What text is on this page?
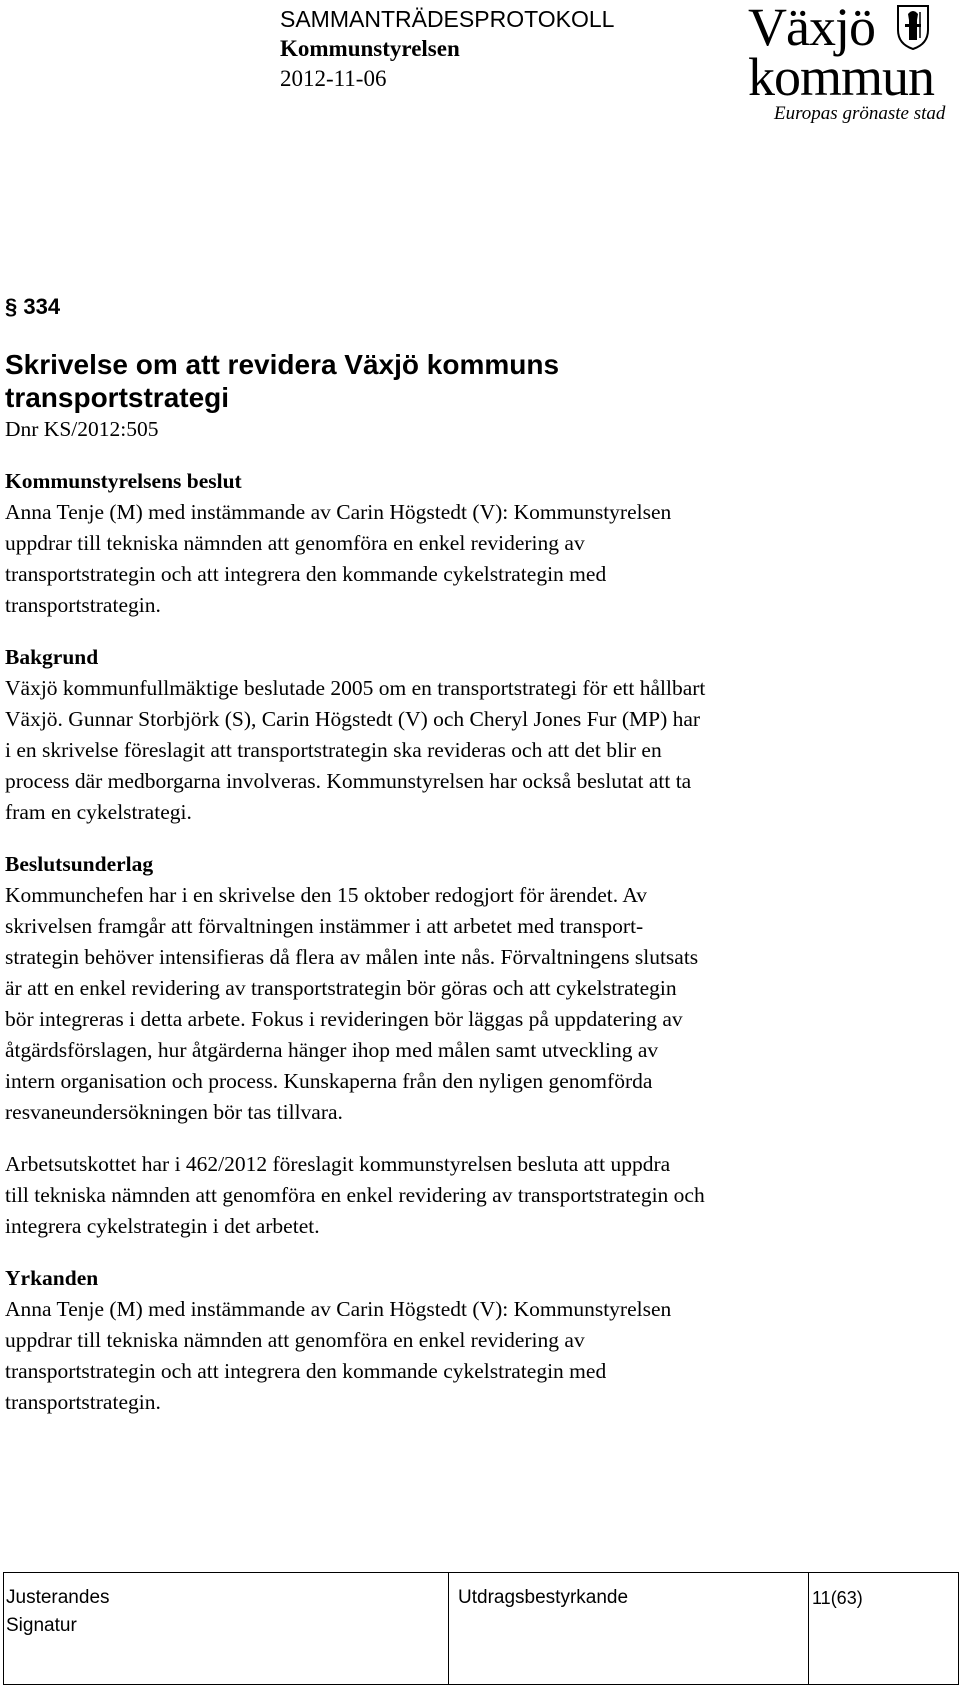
SAMMANTRÄDESPROTOKOLL
Kommunstyrelsen
2012-11-06
Växjö
kommun
Europas grönaste stad
§ 334
Skrivelse om att revidera Växjö kommuns
transportstrategi
Dnr KS/2012:505
Kommunstyrelsens beslut
Anna Tenje (M) med instämmande av Carin Högstedt (V): Kommunstyrelsen
uppdrar till tekniska nämnden att genomföra en enkel revidering av
transportstrategin och att integrera den kommande cykelstrategin med
transportstrategin.
Bakgrund
Växjö kommunfullmäktige beslutade 2005 om en transportstrategi för ett hållbart
Växjö. Gunnar Storbjörk (S), Carin Högstedt (V) och Cheryl Jones Fur (MP) har
i en skrivelse föreslagit att transportstrategin ska revideras och att det blir en
process där medborgarna involveras. Kommunstyrelsen har också beslutat att ta
fram en cykelstrategi.
Beslutsunderlag
Kommunchefen har i en skrivelse den 15 oktober redogjort för ärendet. Av
skrivelsen framgår att förvaltningen instämmer i att arbetet med transport-
strategin behöver intensifieras då flera av målen inte nås. Förvaltningens slutsats
är att en enkel revidering av transportstrategin bör göras och att cykelstrategin
bör integreras i detta arbete. Fokus i revideringen bör läggas på uppdatering av
åtgärdsförslagen, hur åtgärderna hänger ihop med målen samt utveckling av
intern organisation och process. Kunskaperna från den nyligen genomförda
resvaneundersökningen bör tas tillvara.
Arbetsutskottet har i 462/2012 föreslagit kommunstyrelsen besluta att uppdra
till tekniska nämnden att genomföra en enkel revidering av transportstrategin och
integrera cykelstrategin i det arbetet.
Yrkanden
Anna Tenje (M) med instämmande av Carin Högstedt (V): Kommunstyrelsen
uppdrar till tekniska nämnden att genomföra en enkel revidering av
transportstrategin och att integrera den kommande cykelstrategin med
transportstrategin.
Justerandes
Signatur
Utdragsbestyrkande	11(63)
